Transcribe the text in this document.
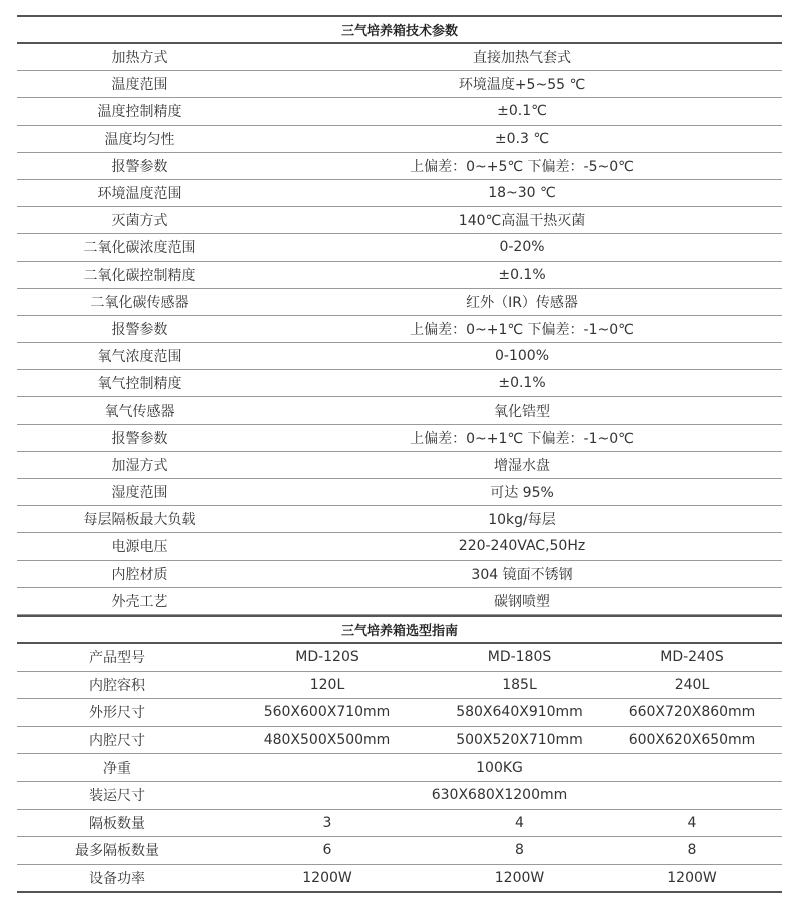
三气培养箱技术参数	
加热方式	直接加热气套式
温度范围	环境温度+5~55 ℃
温度控制精度	±0.1℃
温度均匀性	±0.3 ℃
报警参数	上偏差：0~+5℃ 下偏差：-5~0℃
环境温度范围	18~30 ℃
灭菌方式	140℃高温干热灭菌
二氧化碳浓度范围	0-20%
二氧化碳控制精度	±0.1%
二氧化碳传感器	红外（IR）传感器
报警参数	上偏差：0~+1℃ 下偏差：-1~0℃
氧气浓度范围	0-100%
氧气控制精度	±0.1%
氧气传感器	氧化锆型
报警参数	上偏差：0~+1℃ 下偏差：-1~0℃
加湿方式	增湿水盘
湿度范围	可达 95%
每层隔板最大负载	10kg/每层
电源电压	220-240VAC,50Hz
内腔材质	304 镜面不锈钢
外壳工艺	碳钢喷塑
三气培养箱选型指南			
产品型号	MD-120S	MD-180S	MD-240S
内腔容积	120L	185L	240L
外形尺寸	560X600X710mm	580X640X910mm	660X720X860mm
内腔尺寸	480X500X500mm	500X520X710mm	600X620X650mm
净重	100KG		
装运尺寸	630X680X1200mm		
隔板数量	3	4	4
最多隔板数量	6	8	8
设备功率	1200W	1200W	1200W
